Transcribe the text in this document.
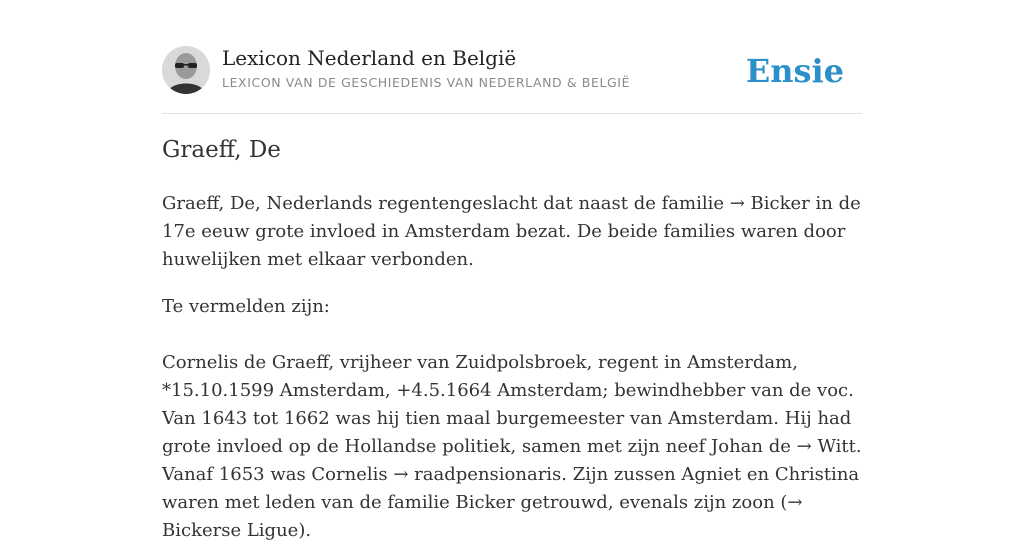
Lexicon Nederland en België
LEXICON VAN DE GESCHIEDENIS VAN NEDERLAND & BELGIË	Ensie
Graeff, De

Graeff, De, Nederlands regentengeslacht dat naast de familie → Bicker in de 17e eeuw grote invloed in Amsterdam bezat. De beide families waren door huwelijken met elkaar verbonden.

Te vermelden zijn:

Cornelis de Graeff, vrijheer van Zuidpolsbroek, regent in Amsterdam, *15.10.1599 Amsterdam, +4.5.1664 Amsterdam; bewindhebber van de voc. Van 1643 tot 1662 was hij tien maal burgemeester van Amsterdam. Hij had grote invloed op de Hollandse politiek, samen met zijn neef Johan de → Witt. Vanaf 1653 was Cornelis → raadpensionaris. Zijn zussen Agniet en Christina waren met leden van de familie Bicker getrouwd, evenals zijn zoon (→ Bickerse Ligue).
